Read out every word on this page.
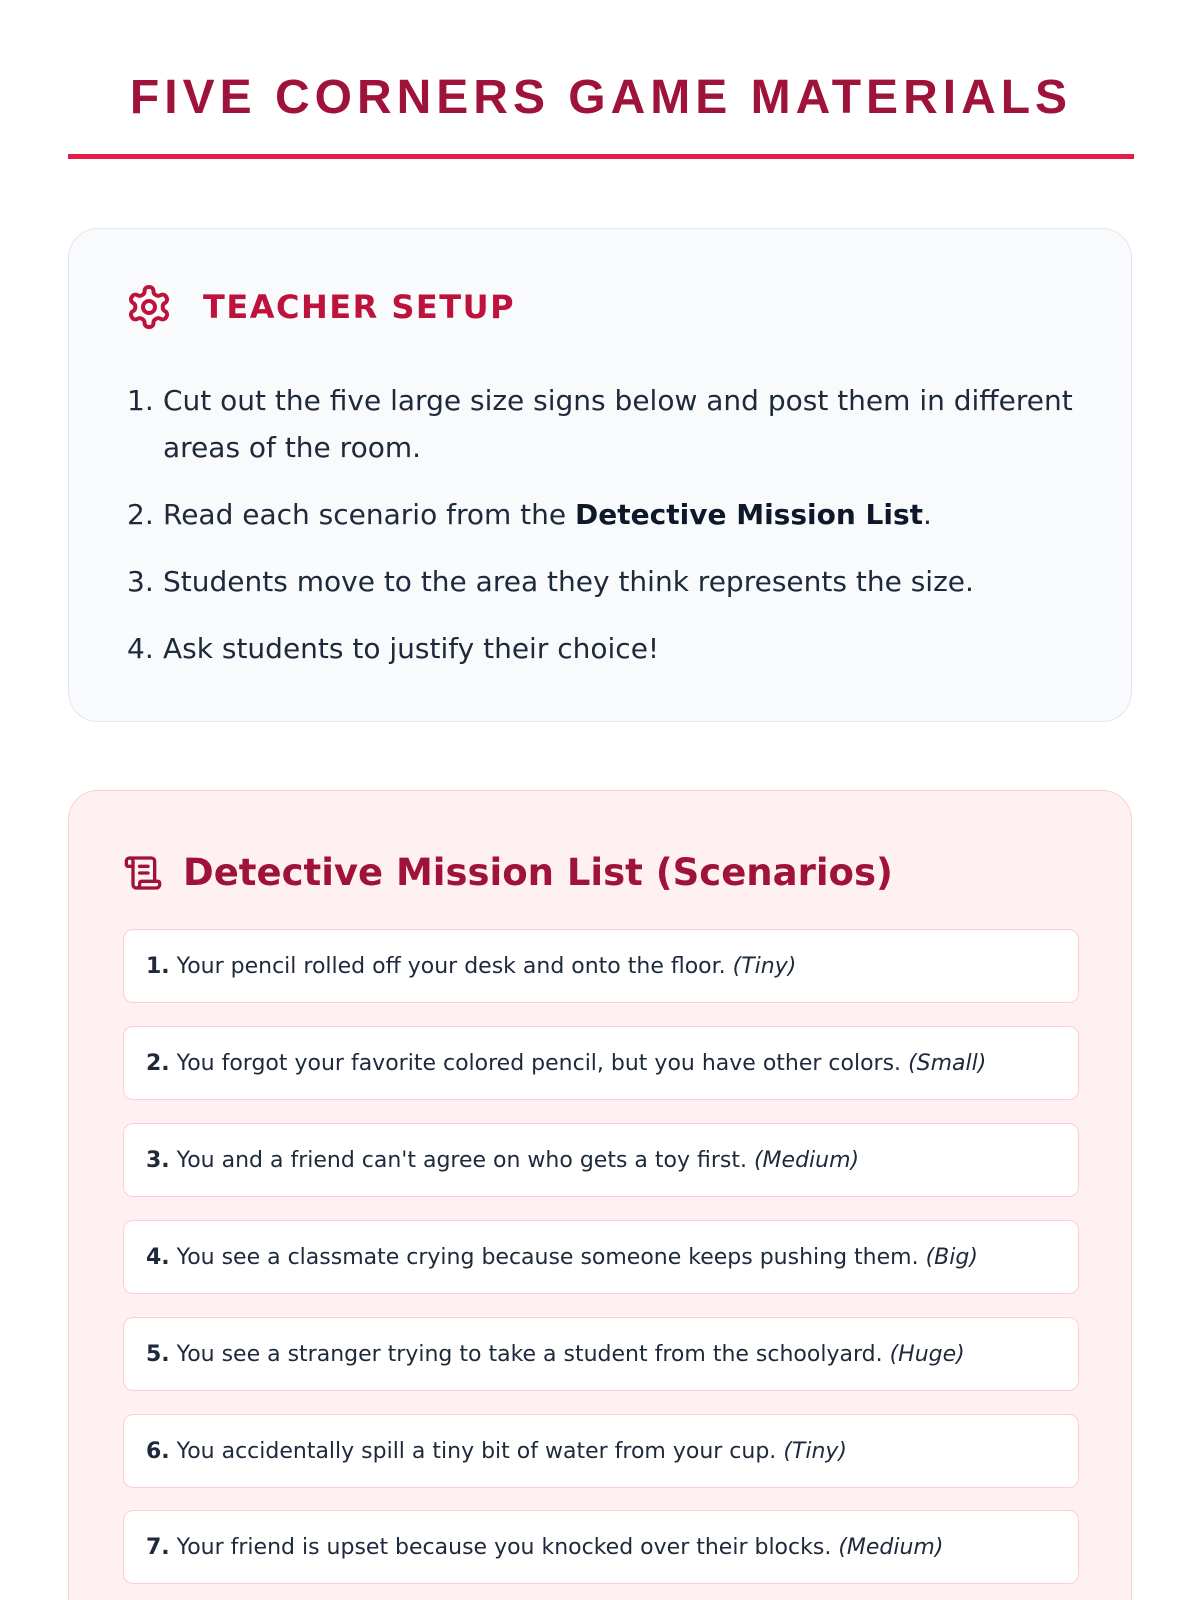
FIVE CORNERS GAME MATERIALS
TEACHER SETUP
1. Cut out the five large size signs below and post them in different areas of the room.
2. Read each scenario from the Detective Mission List.
3. Students move to the area they think represents the size.
4. Ask students to justify their choice!
Detective Mission List (Scenarios)
1. Your pencil rolled off your desk and onto the floor. (Tiny)
2. You forgot your favorite colored pencil, but you have other colors. (Small)
3. You and a friend can't agree on who gets a toy first. (Medium)
4. You see a classmate crying because someone keeps pushing them. (Big)
5. You see a stranger trying to take a student from the schoolyard. (Huge)
6. You accidentally spill a tiny bit of water from your cup. (Tiny)
7. Your friend is upset because you knocked over their blocks. (Medium)
